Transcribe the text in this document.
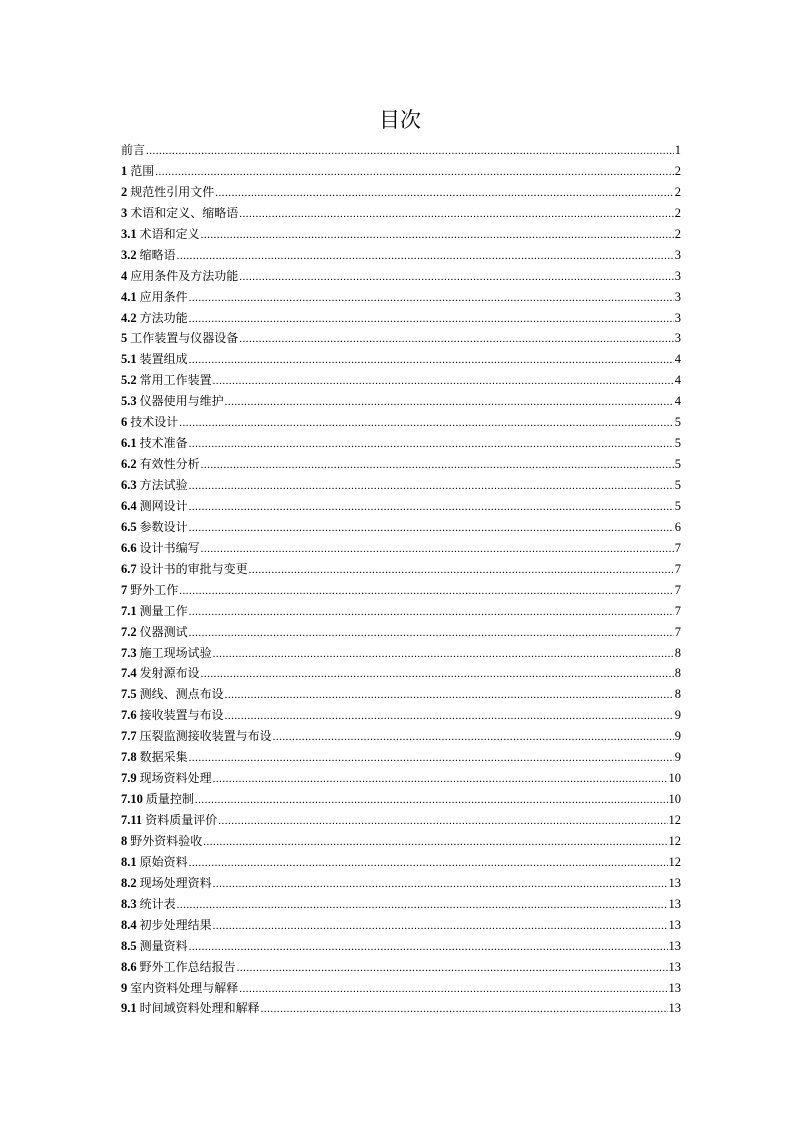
目次
前言 .....	1
1 范围 .....	2
2 规范性引用文件 .....	2
3 术语和定义、缩略语 .....	2
3.1 术语和定义 .....	2
3.2 缩略语 .....	3
4 应用条件及方法功能 .....	3
4.1 应用条件 .....	3
4.2 方法功能 .....	3
5 工作装置与仪器设备 .....	3
5.1 装置组成 .....	4
5.2 常用工作装置 .....	4
5.3 仪器使用与维护 .....	4
6 技术设计 .....	5
6.1 技术准备 .....	5
6.2 有效性分析 .....	5
6.3 方法试验 .....	5
6.4 测网设计 .....	5
6.5 参数设计 .....	6
6.6 设计书编写 .....	7
6.7 设计书的审批与变更 .....	7
7 野外工作 .....	7
7.1 测量工作 .....	7
7.2 仪器测试 .....	7
7.3 施工现场试验 .....	8
7.4 发射源布设 .....	8
7.5 测线、测点布设 .....	8
7.6 接收装置与布设 .....	9
7.7 压裂监测接收装置与布设 .....	9
7.8 数据采集 .....	9
7.9 现场资料处理 .....	10
7.10 质量控制 .....	10
7.11 资料质量评价 .....	12
8 野外资料验收 .....	12
8.1 原始资料 .....	12
8.2 现场处理资料 .....	13
8.3 统计表 .....	13
8.4 初步处理结果 .....	13
8.5 测量资料 .....	13
8.6 野外工作总结报告 .....	13
9 室内资料处理与解释 .....	13
9.1 时间域资料处理和解释 .....	13
